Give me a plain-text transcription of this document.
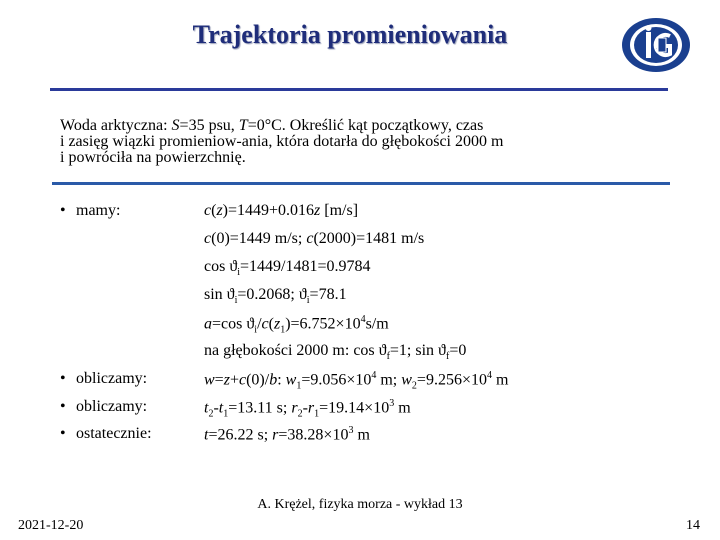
Trajektoria promieniowania
IG
Woda arktyczna: S=35 psu, T=0°C. Określić kąt początkowy, czas
i zasięg wiązki promieniow-ania, która dotarła do głębokości 2000 m
i powróciła na powierzchnię.
• mamy:
• obliczamy:
• obliczamy:
• ostatecznie:
c(z)=1449+0.016z [m/s]
c(0)=1449 m/s; c(2000)=1481 m/s
$\cos ϑ_i=1449/1481=0.9784$
$\sin ϑ_i=0.2068$; $ϑ_i=78.1$
a=cos $ϑ_i/c(z_1)=6.752\times 10^4s/m$
na głębokości 2000 m: $\cos ϑ_f=1$; $\sin ϑ_f=0$
w=z+c(0)/b: $w_1=9.056\times 10^4$ m; $w_2=9.256\times 10^4$ m
$t_2-t_1=13.11$ s; $r_2-r_1=19.14\times 10^3$ m
t=26.22 s; $r=38.28\times 10^3$ m
A. Krężel, fizyka morza - wykład 13
2021-12-20	14
